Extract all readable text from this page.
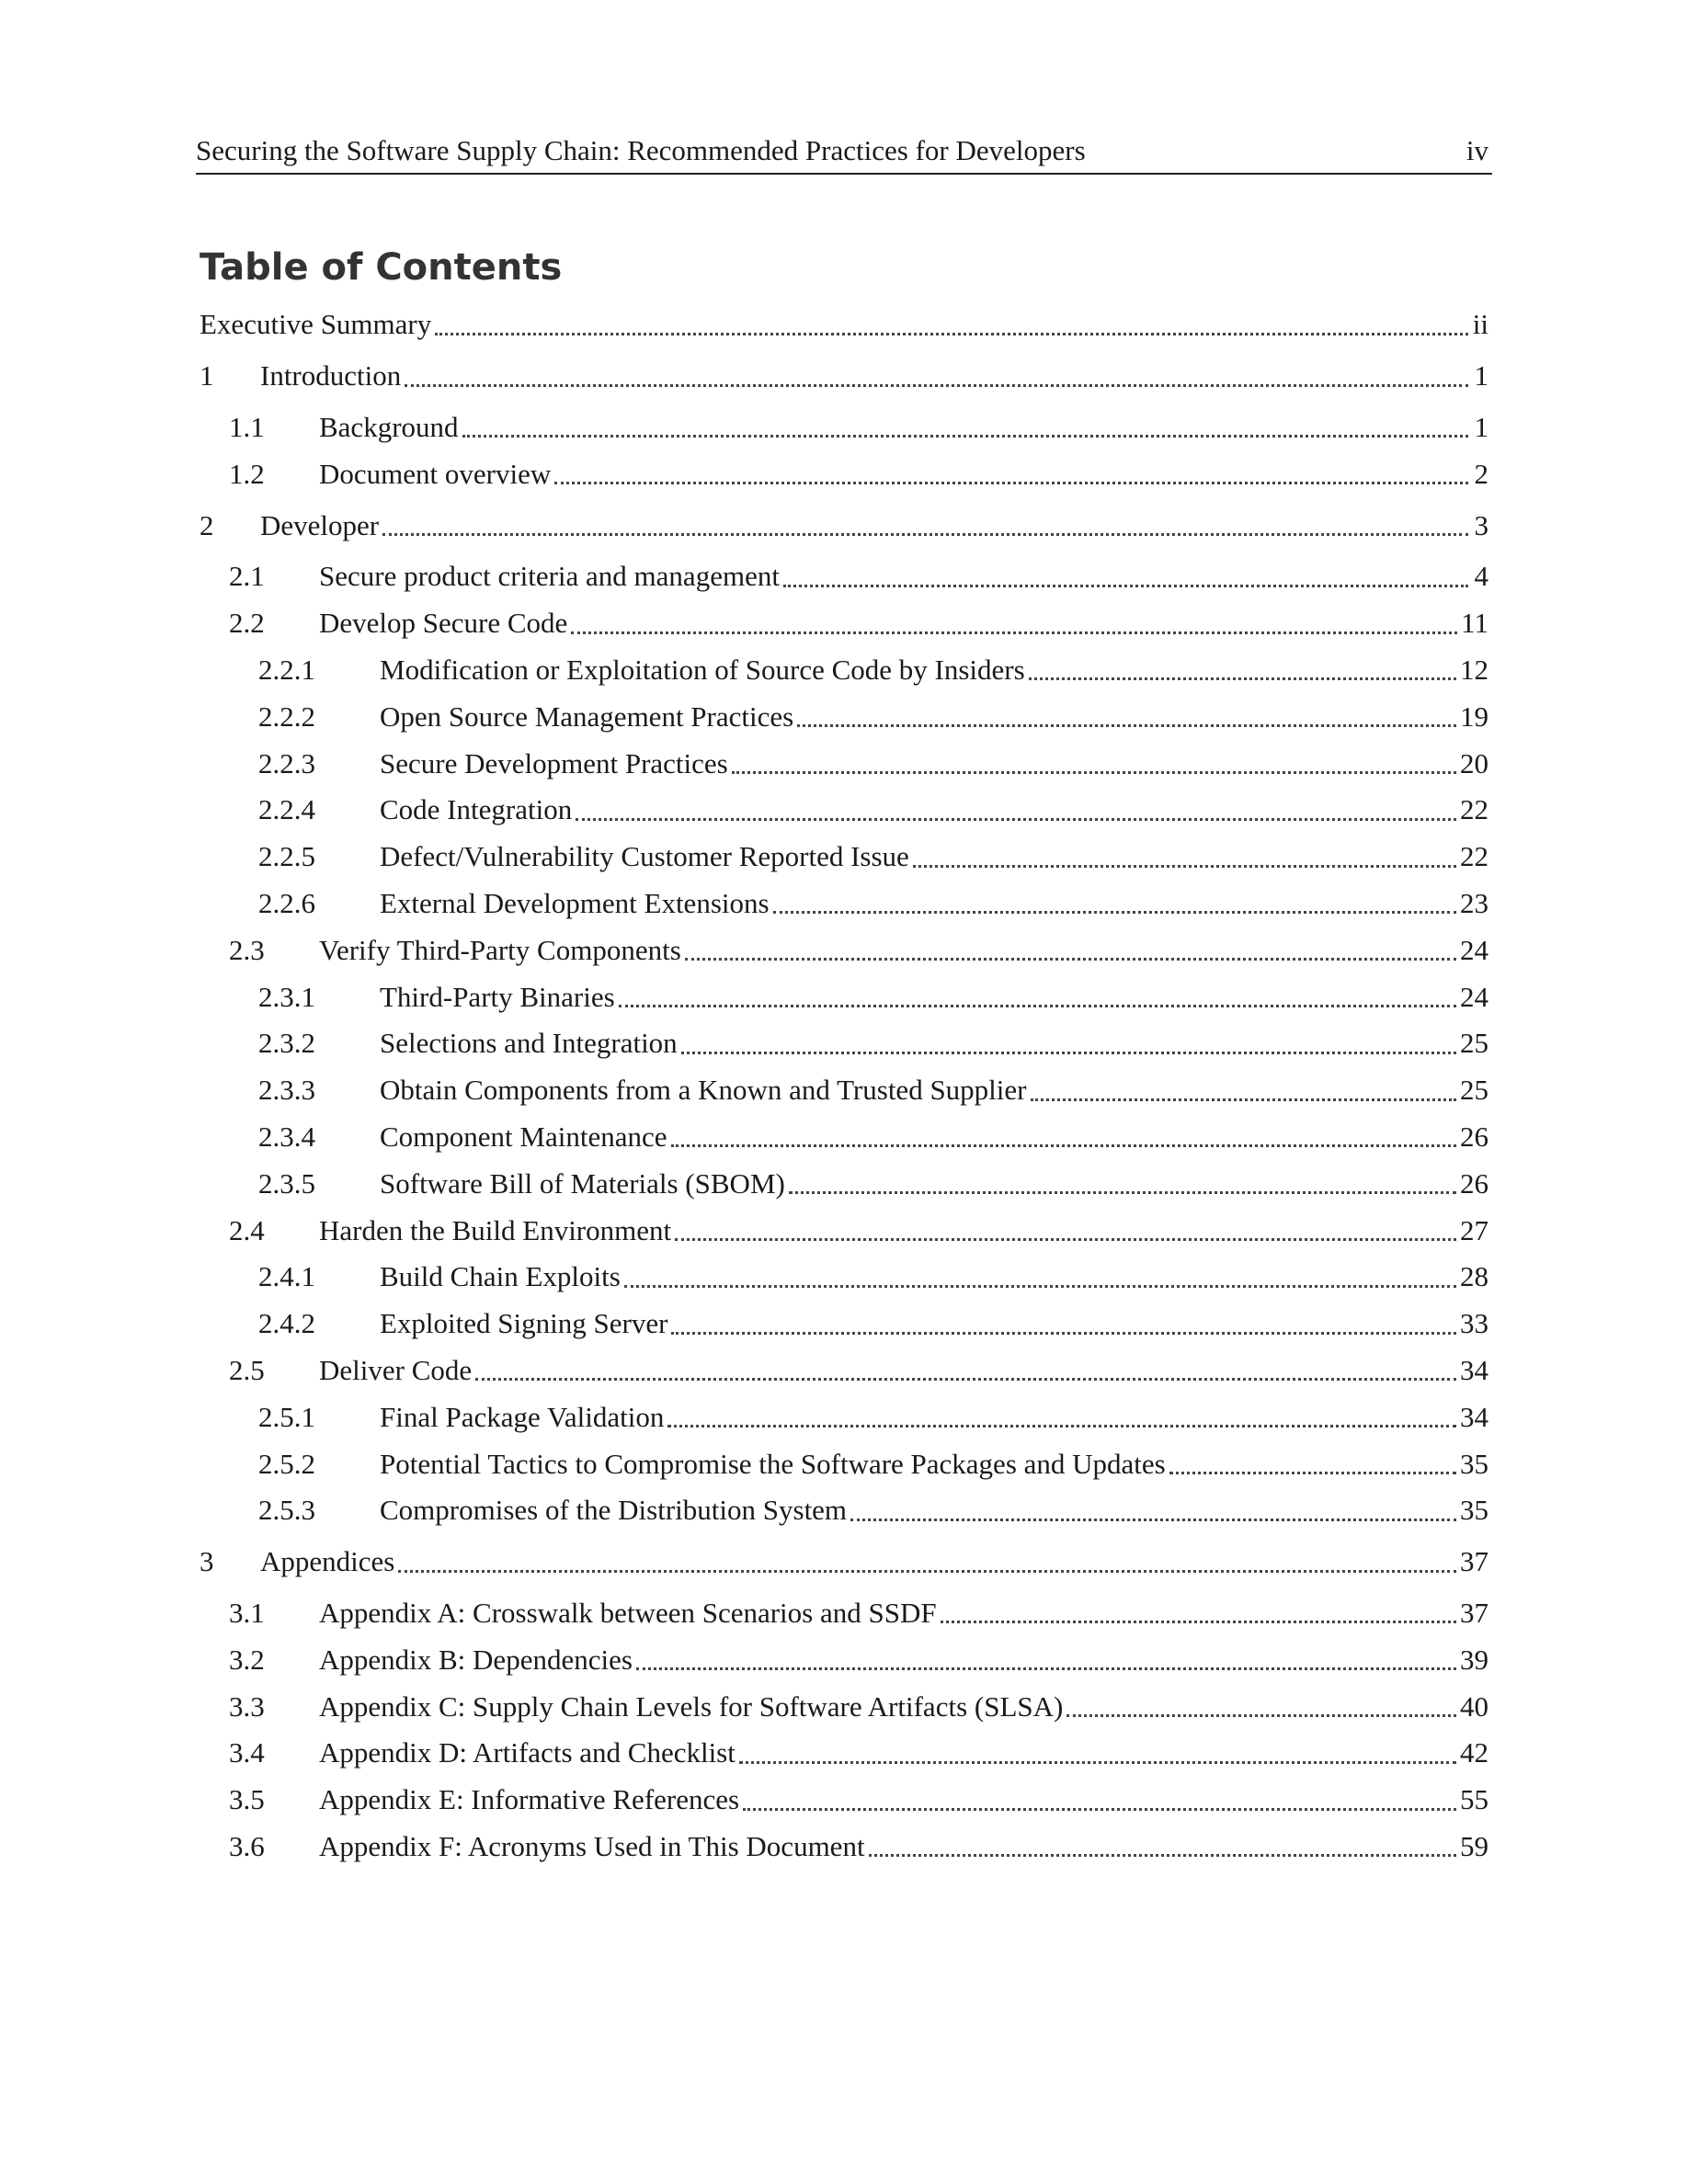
Securing the Software Supply Chain: Recommended Practices for Developers	iv
Table of Contents
Executive Summary	ii
1	Introduction	1
1.1	Background	1
1.2	Document overview	2
2	Developer	3
2.1	Secure product criteria and management	4
2.2	Develop Secure Code	11
2.2.1	Modification or Exploitation of Source Code by Insiders	12
2.2.2	Open Source Management Practices	19
2.2.3	Secure Development Practices	20
2.2.4	Code Integration	22
2.2.5	Defect/Vulnerability Customer Reported Issue	22
2.2.6	External Development Extensions	23
2.3	Verify Third-Party Components	24
2.3.1	Third-Party Binaries	24
2.3.2	Selections and Integration	25
2.3.3	Obtain Components from a Known and Trusted Supplier	25
2.3.4	Component Maintenance	26
2.3.5	Software Bill of Materials (SBOM)	26
2.4	Harden the Build Environment	27
2.4.1	Build Chain Exploits	28
2.4.2	Exploited Signing Server	33
2.5	Deliver Code	34
2.5.1	Final Package Validation	34
2.5.2	Potential Tactics to Compromise the Software Packages and Updates	35
2.5.3	Compromises of the Distribution System	35
3	Appendices	37
3.1	Appendix A: Crosswalk between Scenarios and SSDF	37
3.2	Appendix B: Dependencies	39
3.3	Appendix C: Supply Chain Levels for Software Artifacts (SLSA)	40
3.4	Appendix D: Artifacts and Checklist	42
3.5	Appendix E: Informative References	55
3.6	Appendix F: Acronyms Used in This Document	59
